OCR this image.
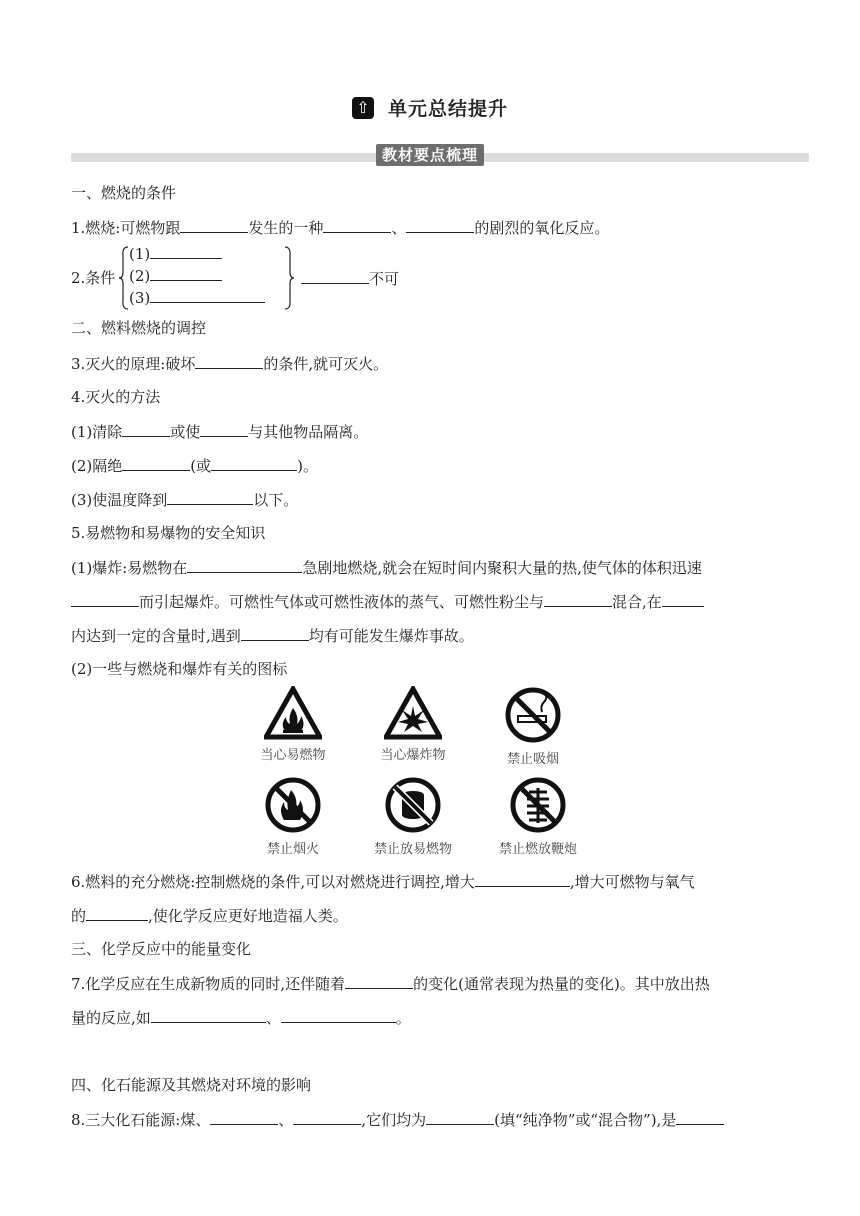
⇧ 单元总结提升
教材要点梳理
一、燃烧的条件
1.燃烧:可燃物跟	发生的一种	、	的剧烈的氧化反应。
2.条件
(1)
(2)
(3)
不可
二、燃料燃烧的调控
3.灭火的原理:破坏	的条件,就可灭火。
4.灭火的方法
(1)清除	或使	与其他物品隔离。
(2)隔绝	(或	)。
(3)使温度降到	以下。
5.易燃物和易爆物的安全知识
(1)爆炸:易燃物在	急剧地燃烧,就会在短时间内聚积大量的热,使气体的体积迅速
而引起爆炸。可燃性气体或可燃性液体的蒸气、可燃性粉尘与	混合,在
内达到一定的含量时,遇到	均有可能发生爆炸事故。
(2)一些与燃烧和爆炸有关的图标
当心易燃物	当心爆炸物	禁止吸烟
禁止烟火	禁止放易燃物	禁止燃放鞭炮
6.燃料的充分燃烧:控制燃烧的条件,可以对燃烧进行调控,增大	,增大可燃物与氧气
的	,使化学反应更好地造福人类。
三、化学反应中的能量变化
7.化学反应在生成新物质的同时,还伴随着	的变化(通常表现为热量的变化)。其中放出热
量的反应,如	、	。
四、化石能源及其燃烧对环境的影响
8.三大化石能源:煤、	、	,它们均为	(填“纯净物”或“混合物”),是
